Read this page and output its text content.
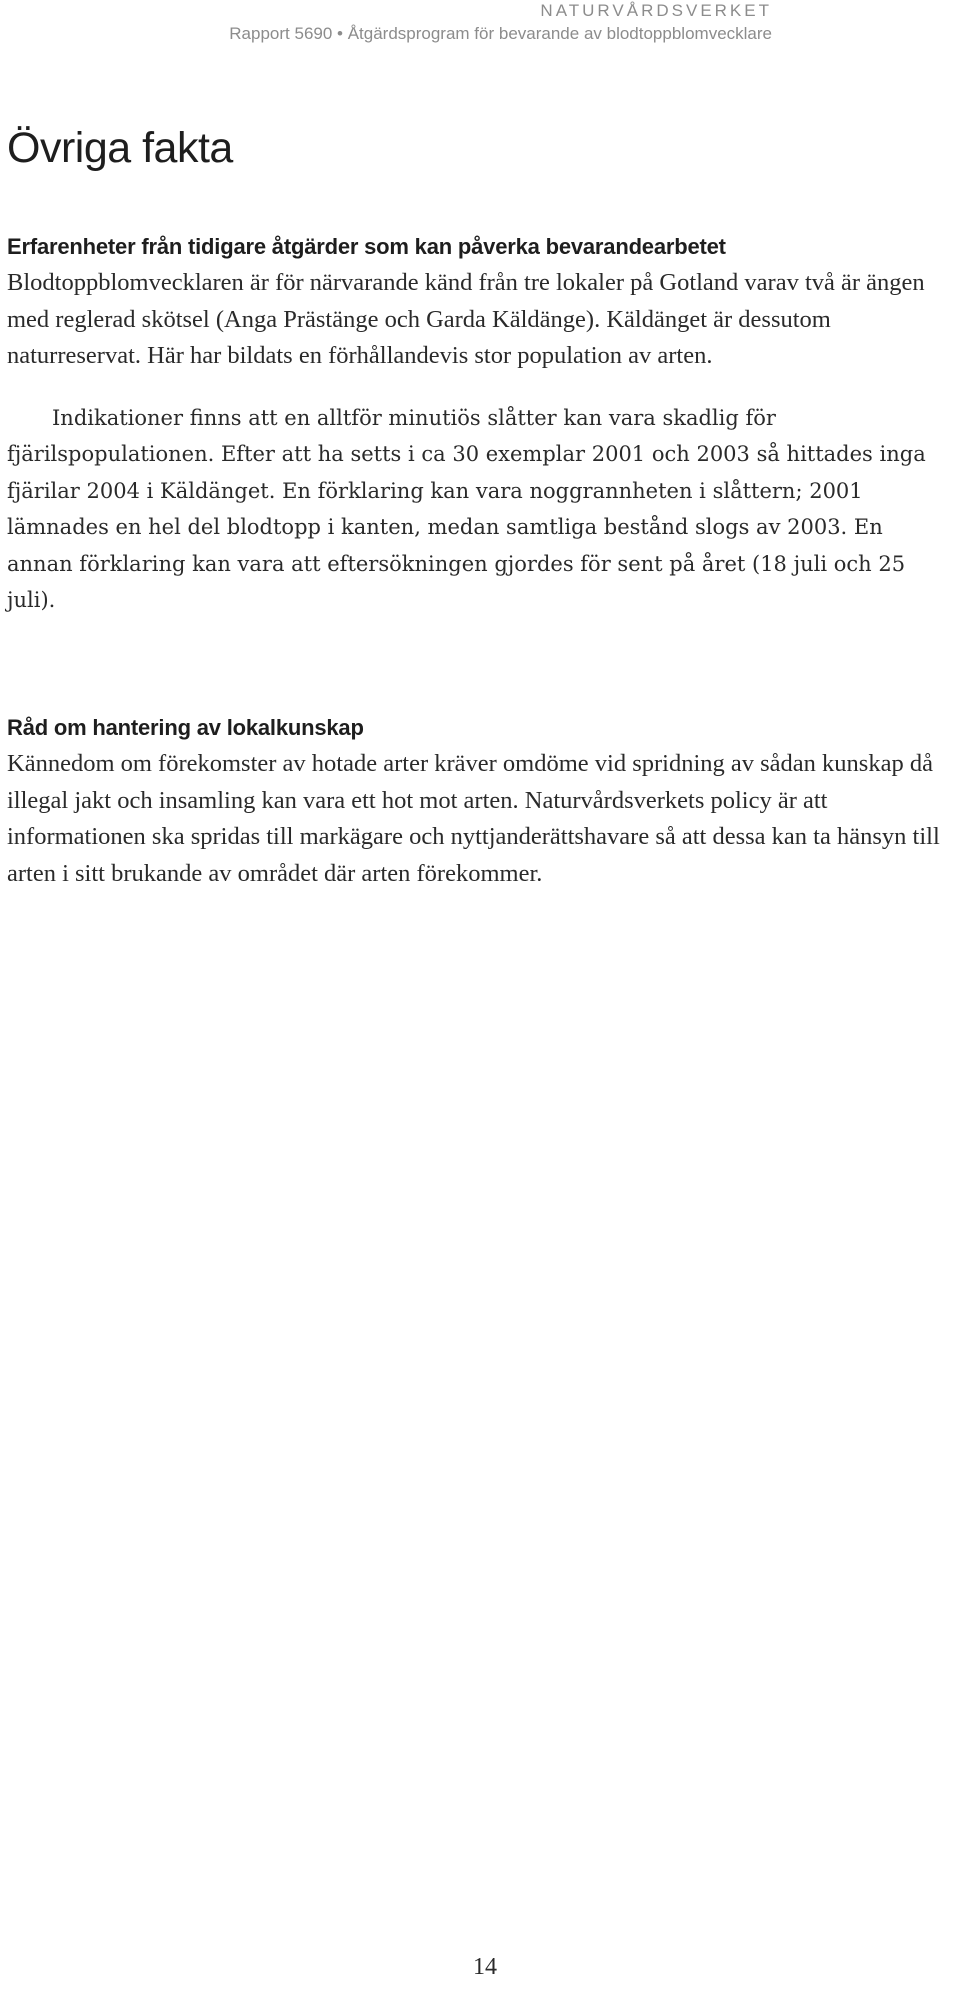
NATURVÅRDSVERKET
Rapport 5690 • Åtgärdsprogram för bevarande av blodtoppblomvecklare
Övriga fakta
Erfarenheter från tidigare åtgärder som kan påverka bevarandearbetet

Blodtoppblomvecklaren är för närvarande känd från tre lokaler på Gotland varav två är ängen med reglerad skötsel (Anga Prästänge och Garda Käldänge). Käldänget är dessutom naturreservat. Här har bildats en förhållandevis stor population av arten.

Indikationer finns att en alltför minutiös slåtter kan vara skadlig för fjärilspopulationen. Efter att ha setts i ca 30 exemplar 2001 och 2003 så hittades inga fjärilar 2004 i Käldänget. En förklaring kan vara noggrannheten i slåttern; 2001 lämnades en hel del blodtopp i kanten, medan samtliga bestånd slogs av 2003. En annan förklaring kan vara att eftersökningen gjordes för sent på året (18 juli och 25 juli).

Råd om hantering av lokalkunskap

Kännedom om förekomster av hotade arter kräver omdöme vid spridning av sådan kunskap då illegal jakt och insamling kan vara ett hot mot arten. Naturvårdsverkets policy är att informationen ska spridas till markägare och nyttjanderättshavare så att dessa kan ta hänsyn till arten i sitt brukande av området där arten förekommer.

14
